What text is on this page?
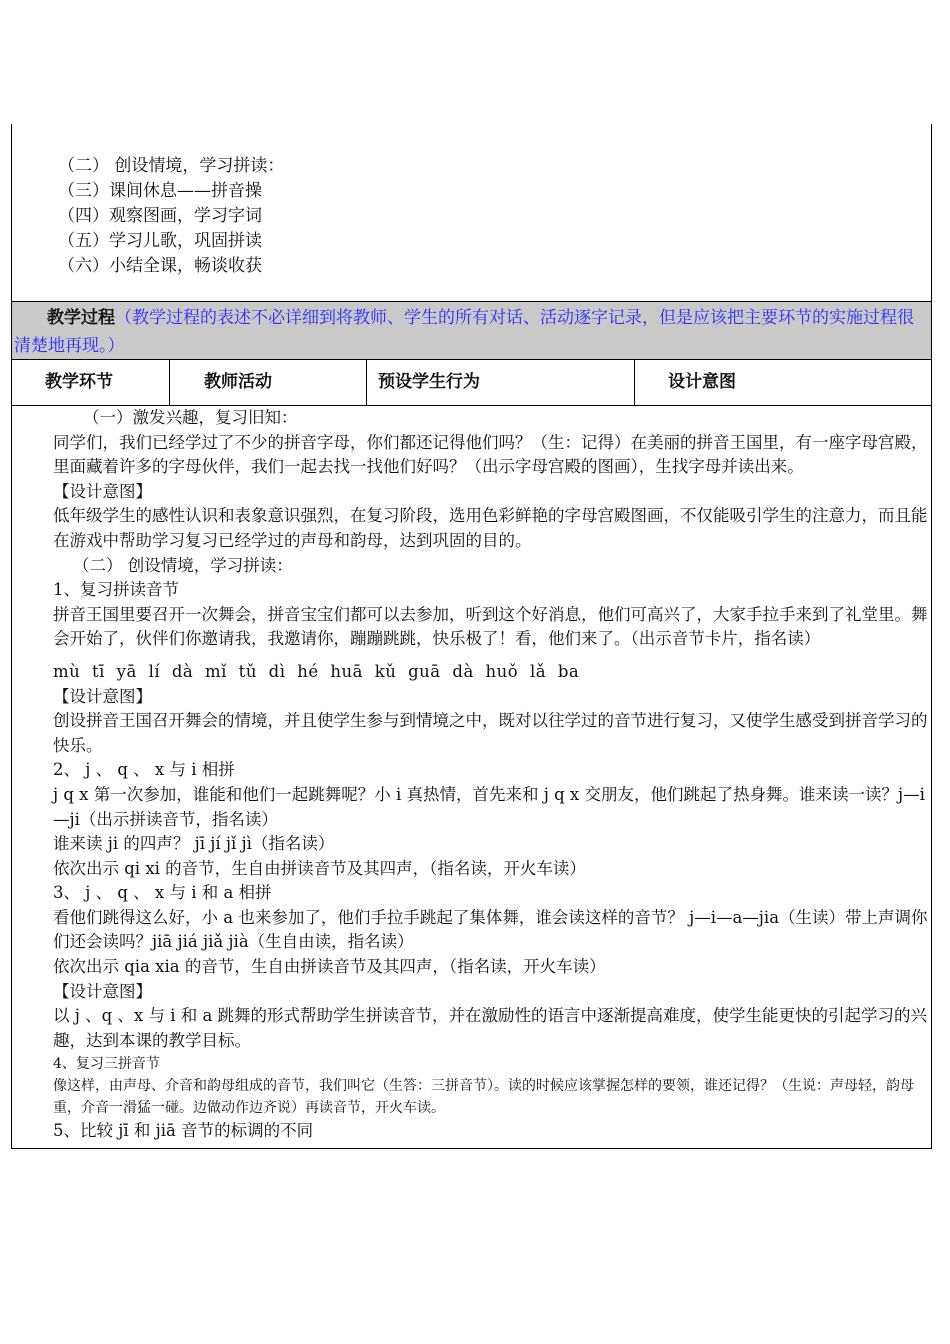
（二） 创设情境，学习拼读：
（三）课间休息——拼音操
（四）观察图画，学习字词
（五）学习儿歌，巩固拼读
（六）小结全课，畅谈收获
教学过程（教学过程的表述不必详细到将教师、学生的所有对话、活动逐字记录，但是应该把主要环节的实施过程很清楚地再现。）
教学环节	教师活动	预设学生行为	设计意图

（一）激发兴趣，复习旧知：

同学们，我们已经学过了不少的拼音字母，你们都还记得他们吗？（生：记得）在美丽的拼音王国里，有一座字母宫殿，里面藏着许多的字母伙伴，我们一起去找一找他们好吗？（出示字母宫殿的图画），生找字母并读出来。

【设计意图】

低年级学生的感性认识和表象意识强烈，在复习阶段，选用色彩鲜艳的字母宫殿图画，不仅能吸引学生的注意力，而且能在游戏中帮助学习复习已经学过的声母和韵母，达到巩固的目的。

（二） 创设情境，学习拼读：

1、复习拼读音节

拼音王国里要召开一次舞会，拼音宝宝们都可以去参加，听到这个好消息，他们可高兴了，大家手拉手来到了礼堂里。舞会开始了，伙伴们你邀请我，我邀请你，蹦蹦跳跳，快乐极了！看，他们来了。（出示音节卡片，指名读）

mù tī yā lí dà mǐ tǔ dì hé huā kǔ guā dà huǒ lǎ ba

【设计意图】

创设拼音王国召开舞会的情境，并且使学生参与到情境之中，既对以往学过的音节进行复习，又使学生感受到拼音学习的快乐。

2、 j 、 q 、 x 与 i 相拼

j q x 第一次参加，谁能和他们一起跳舞呢？小 i 真热情，首先来和 j q x 交朋友，他们跳起了热身舞。谁来读一读？j—i—ji（出示拼读音节，指名读）

谁来读 ji 的四声？ jī jí jǐ jì（指名读）

依次出示 qi xi 的音节，生自由拼读音节及其四声，（指名读，开火车读）

3、 j 、 q 、 x 与 i 和 a 相拼

看他们跳得这么好，小 a 也来参加了，他们手拉手跳起了集体舞，谁会读这样的音节？ j—i—a—jia（生读）带上声调你们还会读吗？jiā jiá jiǎ jià（生自由读，指名读）

依次出示 qia xia 的音节，生自由拼读音节及其四声，（指名读，开火车读）

【设计意图】

以 j 、q 、x 与 i 和 a 跳舞的形式帮助学生拼读音节，并在激励性的语言中逐渐提高难度，使学生能更快的引起学习的兴趣，达到本课的教学目标。

4、复习三拼音节

像这样，由声母、介音和韵母组成的音节，我们叫它（生答：三拼音节）。读的时候应该掌握怎样的要领，谁还记得？（生说：声母轻，韵母重，介音一滑猛一碰。边做动作边齐说）再读音节，开火车读。

5、比较 jī 和 jiā 音节的标调的不同
